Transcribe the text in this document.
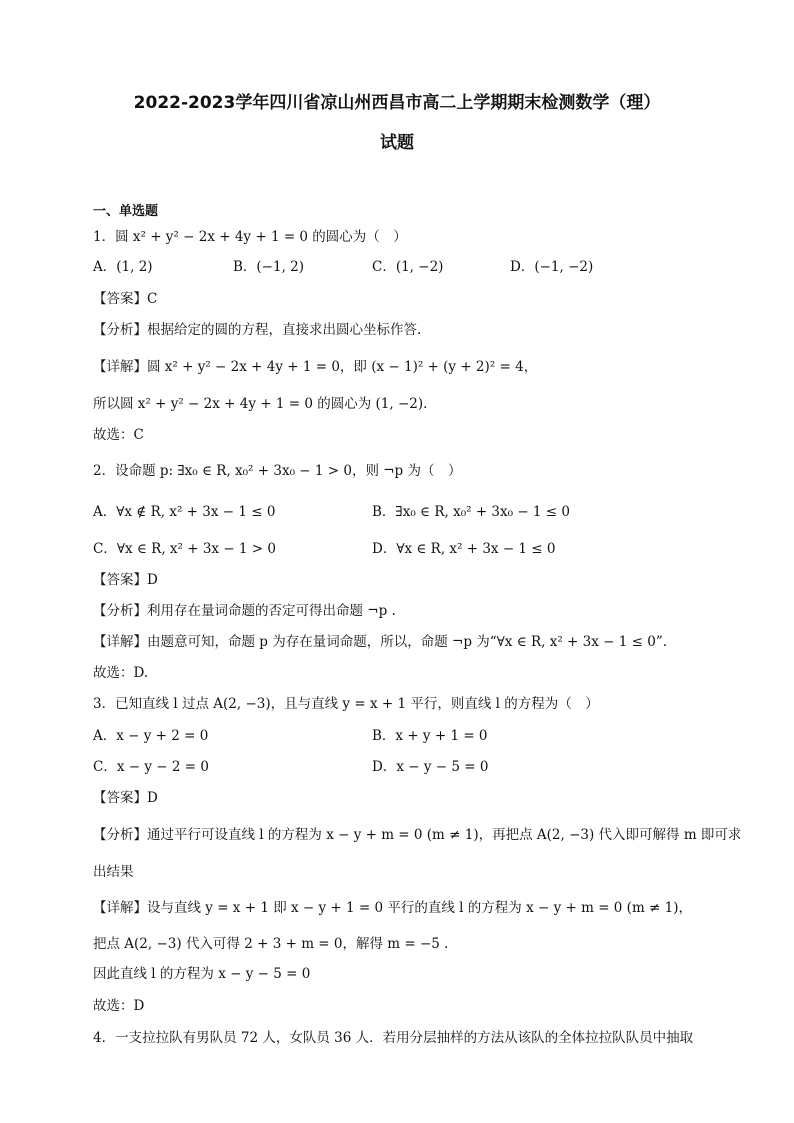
2022-2023学年四川省凉山州西昌市高二上学期期末检测数学（理）
试题
一、单选题
1．圆 x² + y² − 2x + 4y + 1 = 0 的圆心为（　）
A．(1, 2)	B．(−1, 2)	C．(1, −2)	D．(−1, −2)
【答案】C
【分析】根据给定的圆的方程，直接求出圆心坐标作答.
【详解】圆 x² + y² − 2x + 4y + 1 = 0，即 (x − 1)² + (y + 2)² = 4，
所以圆 x² + y² − 2x + 4y + 1 = 0 的圆心为 (1, −2).
故选：C
2．设命题 p: ∃x₀ ∈ R, x₀² + 3x₀ − 1 > 0，则 ¬p 为（　）
A．∀x ∉ R, x² + 3x − 1 ≤ 0	B．∃x₀ ∈ R, x₀² + 3x₀ − 1 ≤ 0
C．∀x ∈ R, x² + 3x − 1 > 0	D．∀x ∈ R, x² + 3x − 1 ≤ 0
【答案】D
【分析】利用存在量词命题的否定可得出命题 ¬p .
【详解】由题意可知，命题 p 为存在量词命题，所以，命题 ¬p 为“∀x ∈ R, x² + 3x − 1 ≤ 0”.
故选：D.
3．已知直线 l 过点 A(2, −3)，且与直线 y = x + 1 平行，则直线 l 的方程为（　）
A．x − y + 2 = 0	B．x + y + 1 = 0
C．x − y − 2 = 0	D．x − y − 5 = 0
【答案】D
【分析】通过平行可设直线 l 的方程为 x − y + m = 0 (m ≠ 1)，再把点 A(2, −3) 代入即可解得 m 即可求
出结果
【详解】设与直线 y = x + 1 即 x − y + 1 = 0 平行的直线 l 的方程为 x − y + m = 0 (m ≠ 1)，
把点 A(2, −3) 代入可得 2 + 3 + m = 0，解得 m = −5 .
因此直线 l 的方程为 x − y − 5 = 0
故选：D
4．一支拉拉队有男队员 72 人，女队员 36 人．若用分层抽样的方法从该队的全体拉拉队队员中抽取
